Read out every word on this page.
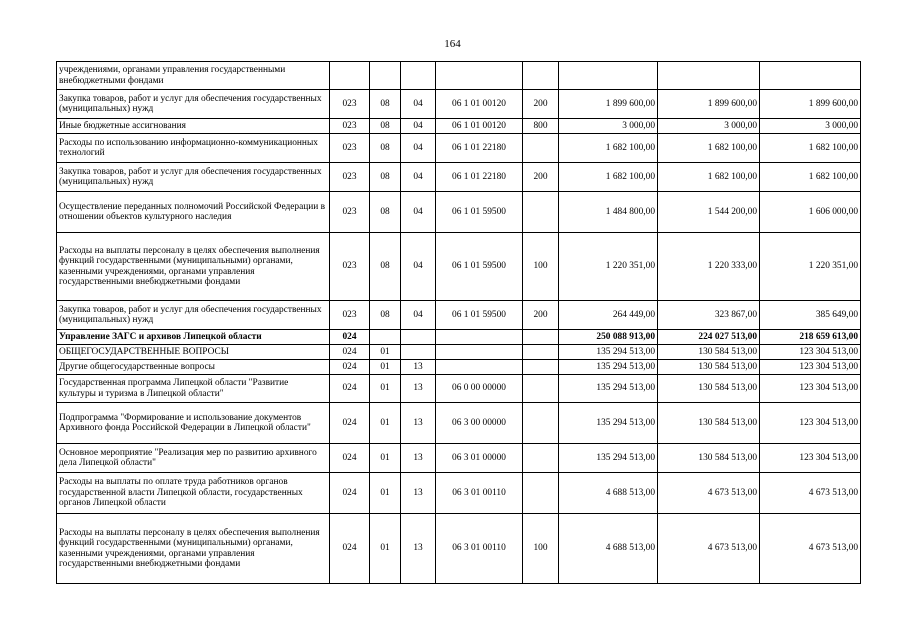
164
учреждениями, органами управления государственными внебюджетными фондами								
Закупка товаров, работ и услуг для обеспечения государственных (муниципальных) нужд	023	08	04	06 1 01 00120	200	1 899 600,00	1 899 600,00	1 899 600,00
Иные бюджетные ассигнования	023	08	04	06 1 01 00120	800	3 000,00	3 000,00	3 000,00
Расходы по использованию информационно-коммуникационных технологий	023	08	04	06 1 01 22180		1 682 100,00	1 682 100,00	1 682 100,00
Закупка товаров, работ и услуг для обеспечения государственных (муниципальных) нужд	023	08	04	06 1 01 22180	200	1 682 100,00	1 682 100,00	1 682 100,00
Осуществление переданных полномочий Российской Федерации в отношении объектов культурного наследия	023	08	04	06 1 01 59500		1 484 800,00	1 544 200,00	1 606 000,00
Расходы на выплаты персоналу в целях обеспечения выполнения функций государственными (муниципальными) органами, казенными учреждениями, органами управления государственными внебюджетными фондами	023	08	04	06 1 01 59500	100	1 220 351,00	1 220 333,00	1 220 351,00
Закупка товаров, работ и услуг для обеспечения государственных (муниципальных) нужд	023	08	04	06 1 01 59500	200	264 449,00	323 867,00	385 649,00
Управление ЗАГС и архивов Липецкой области	024					250 088 913,00	224 027 513,00	218 659 613,00
ОБЩЕГОСУДАРСТВЕННЫЕ ВОПРОСЫ	024	01				135 294 513,00	130 584 513,00	123 304 513,00
Другие общегосударственные вопросы	024	01	13			135 294 513,00	130 584 513,00	123 304 513,00
Государственная программа Липецкой области "Развитие культуры и туризма в Липецкой области"	024	01	13	06 0 00 00000		135 294 513,00	130 584 513,00	123 304 513,00
Подпрограмма "Формирование и использование документов Архивного фонда Российской Федерации в Липецкой области"	024	01	13	06 3 00 00000		135 294 513,00	130 584 513,00	123 304 513,00
Основное мероприятие "Реализация мер по развитию архивного дела Липецкой области"	024	01	13	06 3 01 00000		135 294 513,00	130 584 513,00	123 304 513,00
Расходы на выплаты по оплате труда работников органов государственной власти Липецкой области, государственных органов Липецкой области	024	01	13	06 3 01 00110		4 688 513,00	4 673 513,00	4 673 513,00
Расходы на выплаты персоналу в целях обеспечения выполнения функций государственными (муниципальными) органами, казенными учреждениями, органами управления государственными внебюджетными фондами	024	01	13	06 3 01 00110	100	4 688 513,00	4 673 513,00	4 673 513,00
